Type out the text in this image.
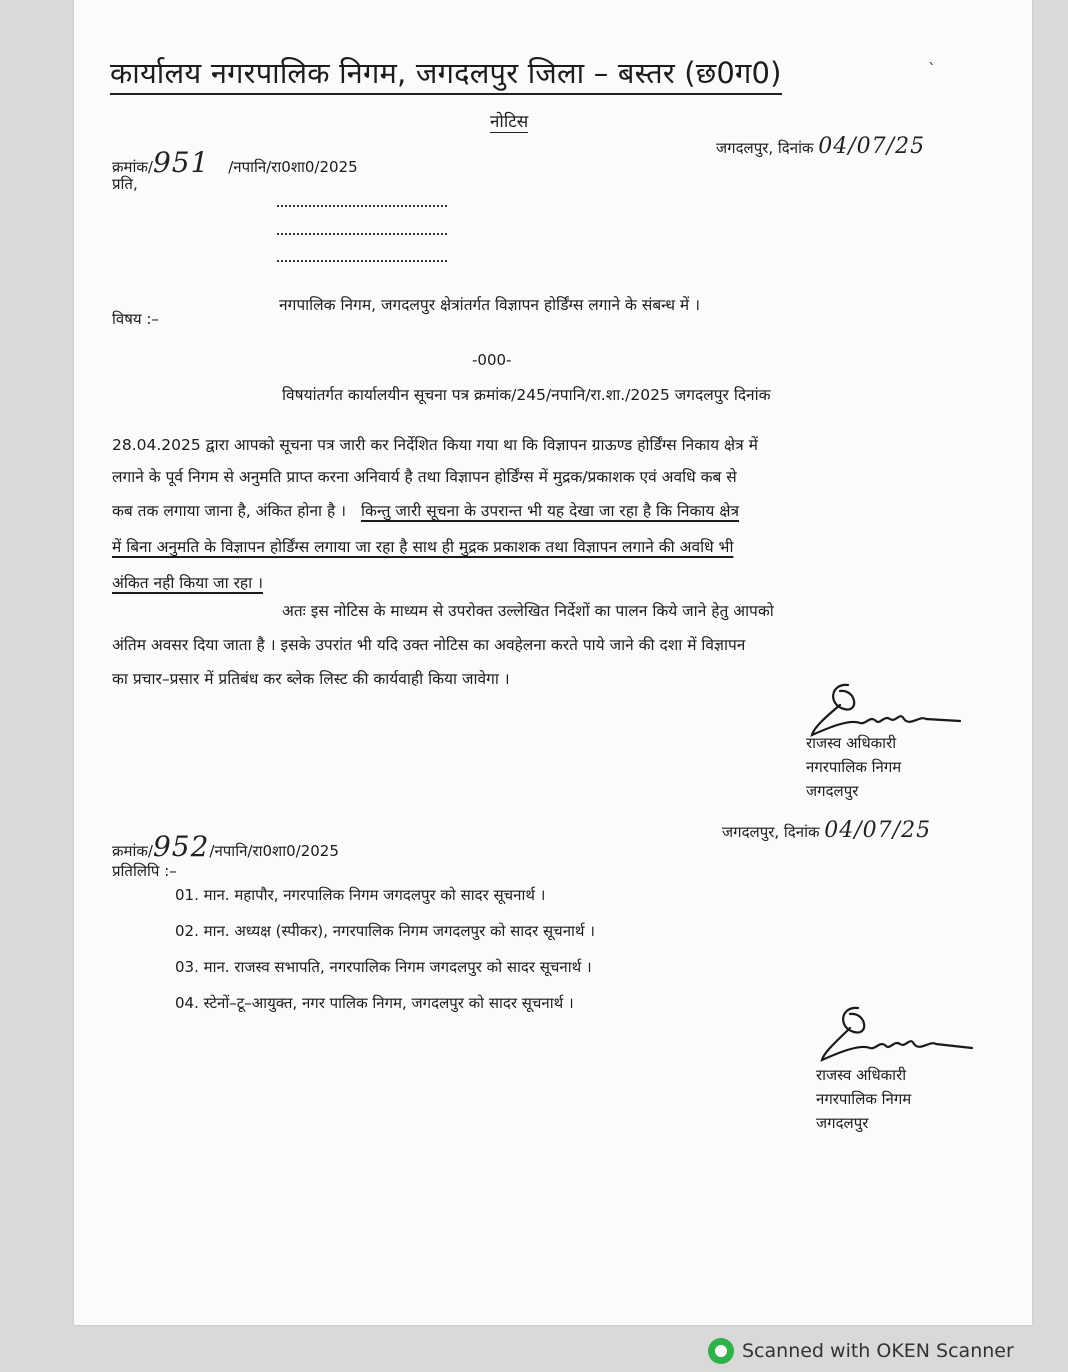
कार्यालय नगरपालिक निगम, जगदलपुर जिला – बस्तर (छ0ग0)	`
नोटिस
क्रमांक/951 /नपानि/रा0शा0/2025
जगदलपुर, दिनांक 04/07/25
प्रति,
विषय :–
नगपालिक निगम, जगदलपुर क्षेत्रांतर्गत विज्ञापन होर्डिंग्स लगाने के संबन्ध में ।
-000-
विषयांतर्गत कार्यालयीन सूचना पत्र क्रमांक/245/नपानि/रा.शा./2025 जगदलपुर दिनांक
28.04.2025 द्वारा आपको सूचना पत्र जारी कर निर्देशित किया गया था कि विज्ञापन ग्राऊण्ड होर्डिंग्स निकाय क्षेत्र में
लगाने के पूर्व निगम से अनुमति प्राप्त करना अनिवार्य है तथा विज्ञापन होर्डिंग्स में मुद्रक/प्रकाशक एवं अवधि कब से
कब तक लगाया जाना है, अंकित होना है । किन्तु जारी सूचना के उपरान्त भी यह देखा जा रहा है कि निकाय क्षेत्र
में बिना अनुमति के विज्ञापन होर्डिंग्स लगाया जा रहा है साथ ही मुद्रक प्रकाशक तथा विज्ञापन लगाने की अवधि भी
अंकित नही किया जा रहा ।
अतः इस नोटिस के माध्यम से उपरोक्त उल्लेखित निर्देशों का पालन किये जाने हेतु आपको
अंतिम अवसर दिया जाता है । इसके उपरांत भी यदि उक्त नोटिस का अवहेलना करते पाये जाने की दशा में विज्ञापन
का प्रचार–प्रसार में प्रतिबंध कर ब्लेक लिस्ट की कार्यवाही किया जावेगा ।
राजस्व अधिकारी
नगरपालिक निगम
जगदलपुर
क्रमांक/952/नपानि/रा0शा0/2025
जगदलपुर, दिनांक 04/07/25
प्रतिलिपि :–
01. मान. महापौर, नगरपालिक निगम जगदलपुर को सादर सूचनार्थ ।
02. मान. अध्यक्ष (स्पीकर), नगरपालिक निगम जगदलपुर को सादर सूचनार्थ ।
03. मान. राजस्व सभापति, नगरपालिक निगम जगदलपुर को सादर सूचनार्थ ।
04. स्टेनों–टू–आयुक्त, नगर पालिक निगम, जगदलपुर को सादर सूचनार्थ ।
राजस्व अधिकारी
नगरपालिक निगम
जगदलपुर
Scanned with OKEN Scanner
